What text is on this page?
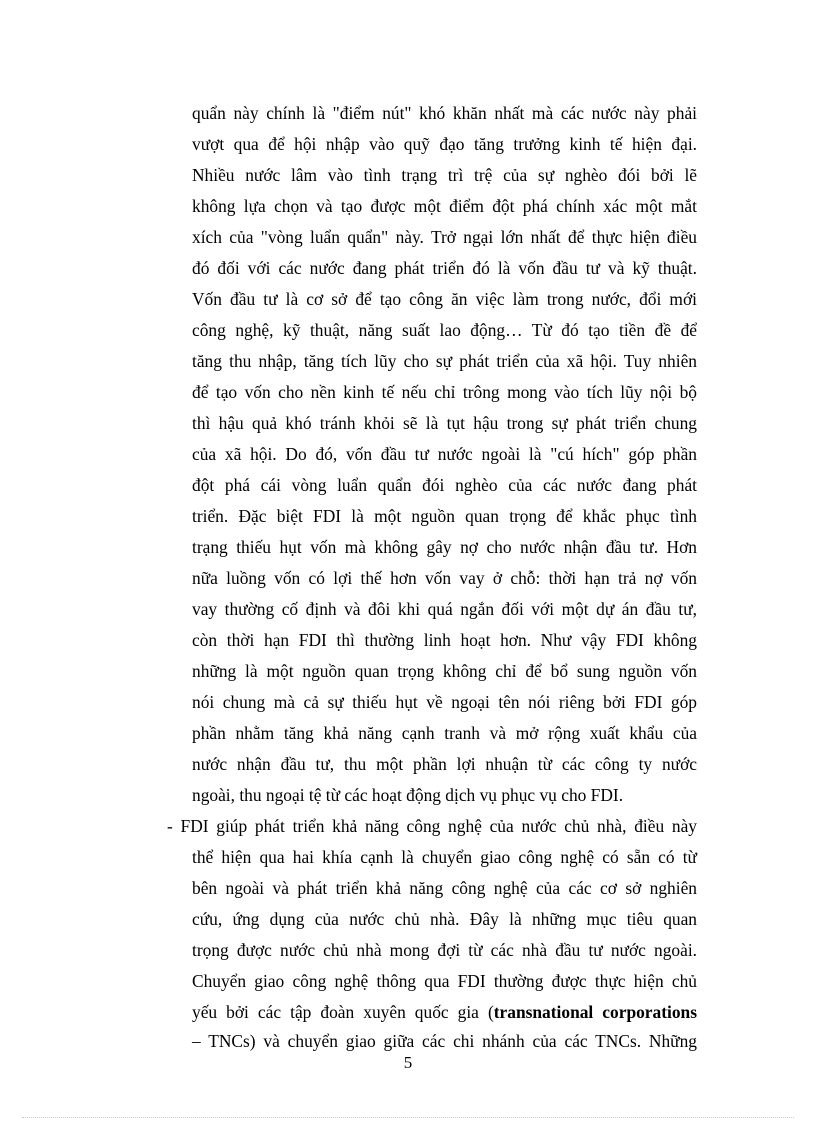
quẩn này chính là "điểm nút" khó khăn nhất mà các nước này phải

vượt qua để hội nhập vào quỹ đạo tăng trưởng kinh tế hiện đại.

Nhiều nước lâm vào tình trạng trì trệ của sự nghèo đói bởi lẽ

không lựa chọn và tạo được một điểm đột phá chính xác một mắt

xích của "vòng luẩn quẩn" này. Trở ngại lớn nhất để thực hiện điều

đó đối với các nước đang phát triển đó là vốn đầu tư và kỹ thuật.

Vốn đầu tư là cơ sở để tạo công ăn việc làm trong nước, đổi mới

công nghệ, kỹ thuật, năng suất lao động… Từ đó tạo tiền đề để

tăng thu nhập, tăng tích lũy cho sự phát triển của xã hội. Tuy nhiên

để tạo vốn cho nền kinh tế nếu chỉ trông mong vào tích lũy nội bộ

thì hậu quả khó tránh khỏi sẽ là tụt hậu trong sự phát triển chung

của xã hội. Do đó, vốn đầu tư nước ngoài là "cú hích" góp phần

đột phá cái vòng luẩn quẩn đói nghèo của các nước đang phát

triển. Đặc biệt FDI là một nguồn quan trọng để khắc phục tình

trạng thiếu hụt vốn mà không gây nợ cho nước nhận đầu tư. Hơn

nữa luồng vốn có lợi thế hơn vốn vay ở chỗ: thời hạn trả nợ vốn

vay thường cố định và đôi khi quá ngắn đối với một dự án đầu tư,

còn thời hạn FDI thì thường linh hoạt hơn. Như vậy FDI không

những là một nguồn quan trọng không chỉ để bổ sung nguồn vốn

nói chung mà cả sự thiếu hụt về ngoại tên nói riêng bởi FDI góp

phần nhằm tăng khả năng cạnh tranh và mở rộng xuất khẩu của

nước nhận đầu tư, thu một phần lợi nhuận từ các công ty nước

ngoài, thu ngoại tệ từ các hoạt động dịch vụ phục vụ cho FDI.

- FDI giúp phát triển khả năng công nghệ của nước chủ nhà, điều này

thể hiện qua hai khía cạnh là chuyển giao công nghệ có sẵn có từ

bên ngoài và phát triển khả năng công nghệ của các cơ sở nghiên

cứu, ứng dụng của nước chủ nhà. Đây là những mục tiêu quan

trọng được nước chủ nhà mong đợi từ các nhà đầu tư nước ngoài.

Chuyển giao công nghệ thông qua FDI thường được thực hiện chủ

yếu bởi các tập đoàn xuyên quốc gia (transnational corporations

– TNCs) và chuyển giao giữa các chi nhánh của các TNCs. Những

5
